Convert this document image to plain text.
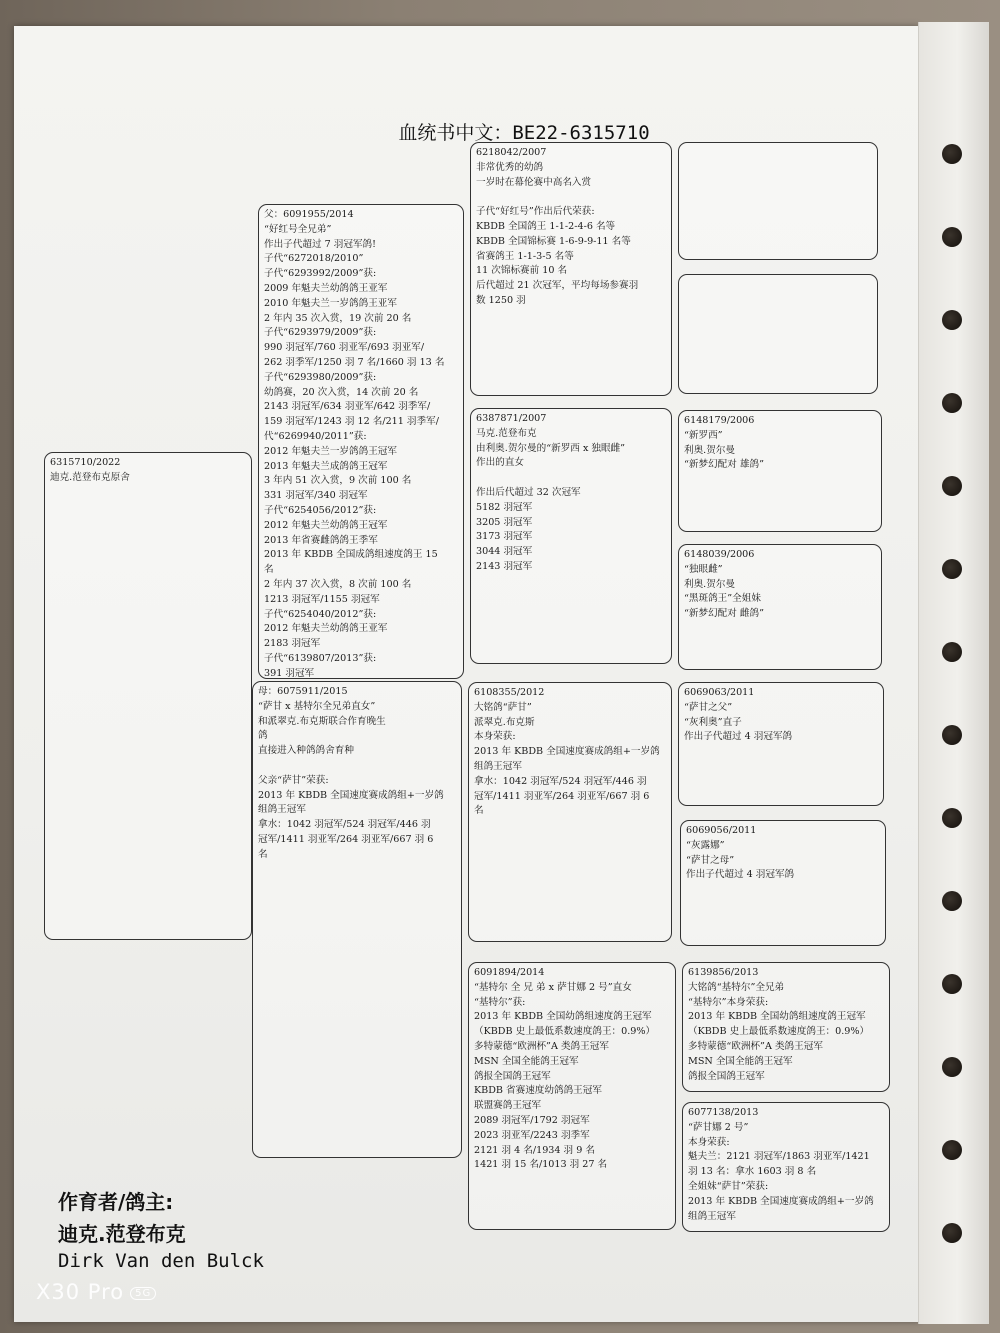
血统书中文：BE22-6315710
6315710/2022
迪克.范登布克原舍
父：6091955/2014
“好红号全兄弟”
作出子代超过 7 羽冠军鸽!
子代“6272018/2010”
子代“6293992/2009”获:
2009 年魁夫兰幼鸽鸽王亚军
2010 年魁夫兰一岁鸽鸽王亚军
2 年内 35 次入赏，19 次前 20 名
子代“6293979/2009”获:
990 羽冠军/760 羽亚军/693 羽亚军/
262 羽季军/1250 羽 7 名/1660 羽 13 名
子代“6293980/2009”获:
幼鸽赛，20 次入赏，14 次前 20 名
2143 羽冠军/634 羽亚军/642 羽季军/
159 羽冠军/1243 羽 12 名/211 羽季军/
代“6269940/2011”获:
2012 年魁夫兰一岁鸽鸽王冠军
2013 年魁夫兰成鸽鸽王冠军
3 年内 51 次入赏，9 次前 100 名
331 羽冠军/340 羽冠军
子代“6254056/2012”获:
2012 年魁夫兰幼鸽鸽王冠军
2013 年省赛雌鸽鸽王季军
2013 年 KBDB 全国成鸽组速度鸽王 15
名
2 年内 37 次入赏，8 次前 100 名
1213 羽冠军/1155 羽冠军
子代“6254040/2012”获:
2012 年魁夫兰幼鸽鸽王亚军
2183 羽冠军
子代“6139807/2013”获:
391 羽冠军
母：6075911/2015
“萨甘 x 基特尔全兄弟直女”
和派翠克.布克斯联合作育晚生
鸽
直接进入种鸽鸽舍育种

父亲“萨甘”荣获:
2013 年 KBDB 全国速度赛成鸽组+一岁鸽
组鸽王冠军
拿水：1042 羽冠军/524 羽冠军/446 羽
冠军/1411 羽亚军/264 羽亚军/667 羽 6
名
6218042/2007
非常优秀的幼鸽
一岁时在幕伦赛中高名入赏

子代“好红号”作出后代荣获:
KBDB 全国鸽王 1-1-2-4-6 名等
KBDB 全国锦标赛 1-6-9-9-11 名等
省赛鸽王 1-1-3-5 名等
11 次锦标赛前 10 名
后代超过 21 次冠军，平均每场参赛羽
数 1250 羽
6387871/2007
马克.范登布克
由利奥.贺尔曼的“新罗西 x 独眼雌”
作出的直女

作出后代超过 32 次冠军
5182 羽冠军
3205 羽冠军
3173 羽冠军
3044 羽冠军
2143 羽冠军
6108355/2012
大铭鸽“萨甘”
派翠克.布克斯
本身荣获:
2013 年 KBDB 全国速度赛成鸽组+一岁鸽
组鸽王冠军
拿水：1042 羽冠军/524 羽冠军/446 羽
冠军/1411 羽亚军/264 羽亚军/667 羽 6
名
6091894/2014
“基特尔 全 兄 弟 x 萨甘娜 2 号”直女
“基特尔”获:
2013 年 KBDB 全国幼鸽组速度鸽王冠军
（KBDB 史上最低系数速度鸽王：0.9%）
多特蒙德“欧洲杯”A 类鸽王冠军
MSN 全国全能鸽王冠军
鸽报全国鸽王冠军
KBDB 省赛速度幼鸽鸽王冠军
联盟赛鸽王冠军
2089 羽冠军/1792 羽冠军
2023 羽亚军/2243 羽季军
2121 羽 4 名/1934 羽 9 名
1421 羽 15 名/1013 羽 27 名
6148179/2006
“新罗西”
利奥.贺尔曼
“新梦幻配对 雄鸽”
6148039/2006
“独眼雌”
利奥.贺尔曼
“黑斑鸽王”全姐妹
“新梦幻配对 雌鸽”
6069063/2011
“萨甘之父”
“灰利奥”直子
作出子代超过 4 羽冠军鸽
6069056/2011
“灰露娜”
“萨甘之母”
作出子代超过 4 羽冠军鸽
6139856/2013
大铭鸽“基特尔”全兄弟
“基特尔”本身荣获:
2013 年 KBDB 全国幼鸽组速度鸽王冠军
（KBDB 史上最低系数速度鸽王：0.9%）
多特蒙德“欧洲杯”A 类鸽王冠军
MSN 全国全能鸽王冠军
鸽报全国鸽王冠军
6077138/2013
“萨甘娜 2 号”
本身荣获:
魁夫兰：2121 羽冠军/1863 羽亚军/1421
羽 13 名：拿水 1603 羽 8 名
全姐妹“萨甘”荣获:
2013 年 KBDB 全国速度赛成鸽组+一岁鸽
组鸽王冠军
作育者/鸽主:
迪克.范登布克
Dirk Van den Bulck
X30 Pro 5G
